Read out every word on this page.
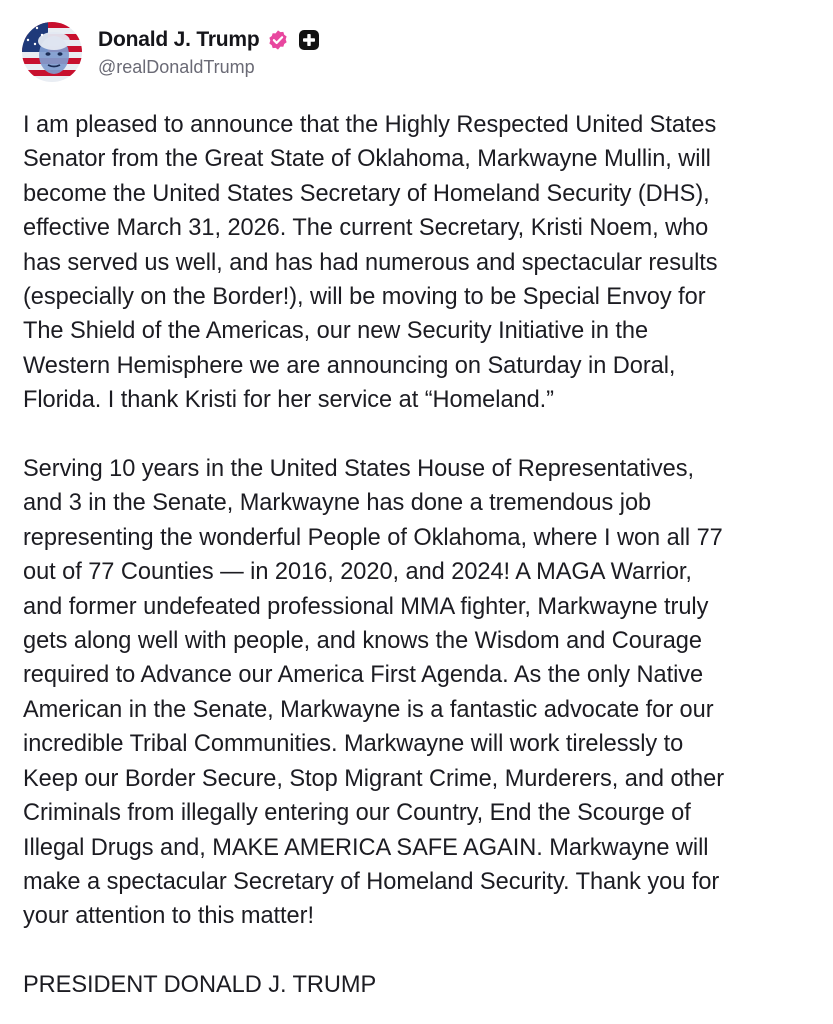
Donald J. Trump
@realDonaldTrump

I am pleased to announce that the Highly Respected United States
Senator from the Great State of Oklahoma, Markwayne Mullin, will
become the United States Secretary of Homeland Security (DHS),
effective March 31, 2026. The current Secretary, Kristi Noem, who
has served us well, and has had numerous and spectacular results
(especially on the Border!), will be moving to be Special Envoy for
The Shield of the Americas, our new Security Initiative in the
Western Hemisphere we are announcing on Saturday in Doral,
Florida. I thank Kristi for her service at “Homeland.”

Serving 10 years in the United States House of Representatives,
and 3 in the Senate, Markwayne has done a tremendous job
representing the wonderful People of Oklahoma, where I won all 77
out of 77 Counties — in 2016, 2020, and 2024! A MAGA Warrior,
and former undefeated professional MMA fighter, Markwayne truly
gets along well with people, and knows the Wisdom and Courage
required to Advance our America First Agenda. As the only Native
American in the Senate, Markwayne is a fantastic advocate for our
incredible Tribal Communities. Markwayne will work tirelessly to
Keep our Border Secure, Stop Migrant Crime, Murderers, and other
Criminals from illegally entering our Country, End the Scourge of
Illegal Drugs and, MAKE AMERICA SAFE AGAIN. Markwayne will
make a spectacular Secretary of Homeland Security. Thank you for
your attention to this matter!

PRESIDENT DONALD J. TRUMP
